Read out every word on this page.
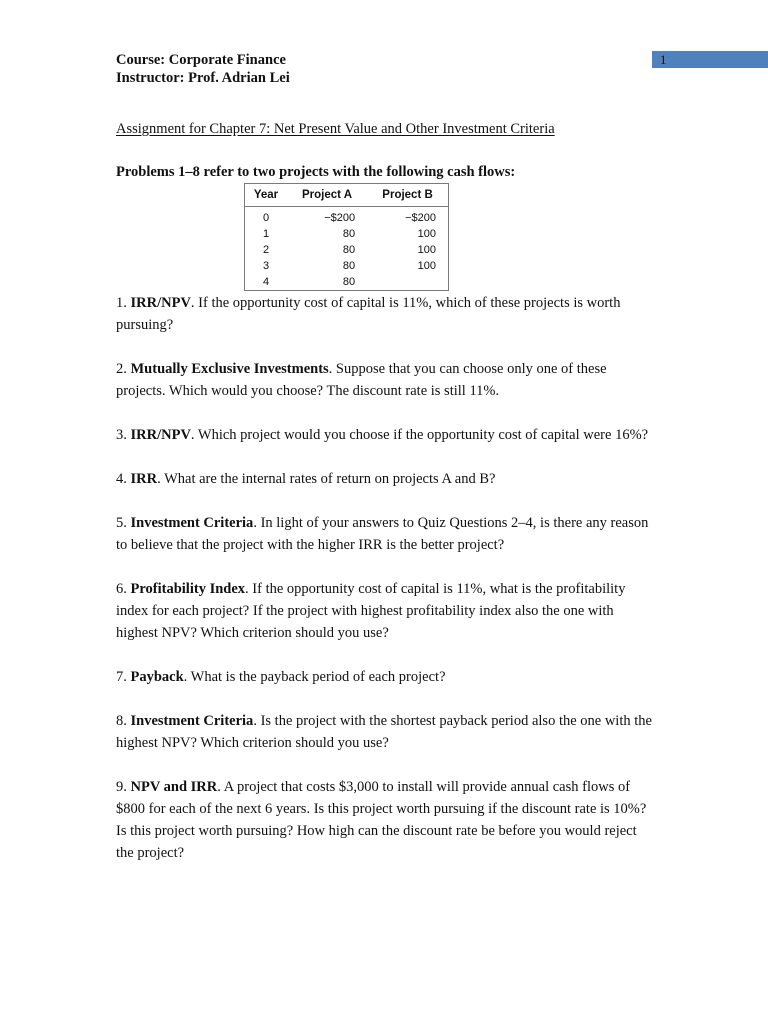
1
Course: Corporate Finance
Instructor: Prof. Adrian Lei
Assignment for Chapter 7: Net Present Value and Other Investment Criteria
Problems 1–8 refer to two projects with the following cash flows:
Year	Project A	Project B
0	−$200	−$200
1	80	100
2	80	100
3	80	100
4	80	

1. IRR/NPV. If the opportunity cost of capital is 11%, which of these projects is worth pursuing?

2. Mutually Exclusive Investments. Suppose that you can choose only one of these projects. Which would you choose? The discount rate is still 11%.

3. IRR/NPV. Which project would you choose if the opportunity cost of capital were 16%?

4. IRR. What are the internal rates of return on projects A and B?

5. Investment Criteria. In light of your answers to Quiz Questions 2–4, is there any reason to believe that the project with the higher IRR is the better project?

6. Profitability Index. If the opportunity cost of capital is 11%, what is the profitability index for each project? If the project with highest profitability index also the one with highest NPV? Which criterion should you use?

7. Payback. What is the payback period of each project?

8. Investment Criteria. Is the project with the shortest payback period also the one with the highest NPV? Which criterion should you use?

9. NPV and IRR. A project that costs $3,000 to install will provide annual cash flows of $800 for each of the next 6 years. Is this project worth pursuing if the discount rate is 10%? Is this project worth pursuing? How high can the discount rate be before you would reject the project?
